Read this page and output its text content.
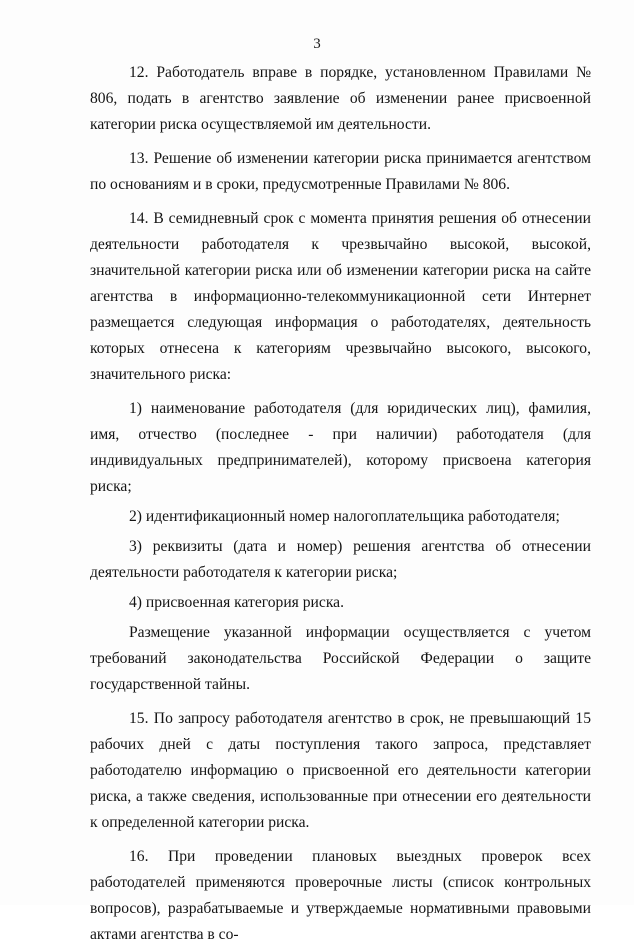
3

12. Работодатель вправе в порядке, установленном Правилами № 806, подать в агентство заявление об изменении ранее присвоенной категории риска осуществляемой им деятельности.

13. Решение об изменении категории риска принимается агентством по основаниям и в сроки, предусмотренные Правилами № 806.

14. В семидневный срок с момента принятия решения об отнесении деятельности работодателя к чрезвычайно высокой, высокой, значительной категории риска или об изменении категории риска на сайте агентства в информационно-телекоммуникационной сети Интернет размещается следующая информация о работодателях, деятельность которых отнесена к категориям чрезвычайно высокого, высокого, значительного риска:

1) наименование работодателя (для юридических лиц), фамилия, имя, отчество (последнее - при наличии) работодателя (для индивидуальных предпринимателей), которому присвоена категория риска;

2) идентификационный номер налогоплательщика работодателя;

3) реквизиты (дата и номер) решения агентства об отнесении деятельности работодателя к категории риска;

4) присвоенная категория риска.

Размещение указанной информации осуществляется с учетом требований законодательства Российской Федерации о защите государственной тайны.

15. По запросу работодателя агентство в срок, не превышающий 15 рабочих дней с даты поступления такого запроса, представляет работодателю информацию о присвоенной его деятельности категории риска, а также сведения, использованные при отнесении его деятельности к определенной категории риска.

16. При проведении плановых выездных проверок всех работодателей применяются проверочные листы (список контрольных вопросов), разрабатываемые и утверждаемые нормативными правовыми актами агентства в со-
